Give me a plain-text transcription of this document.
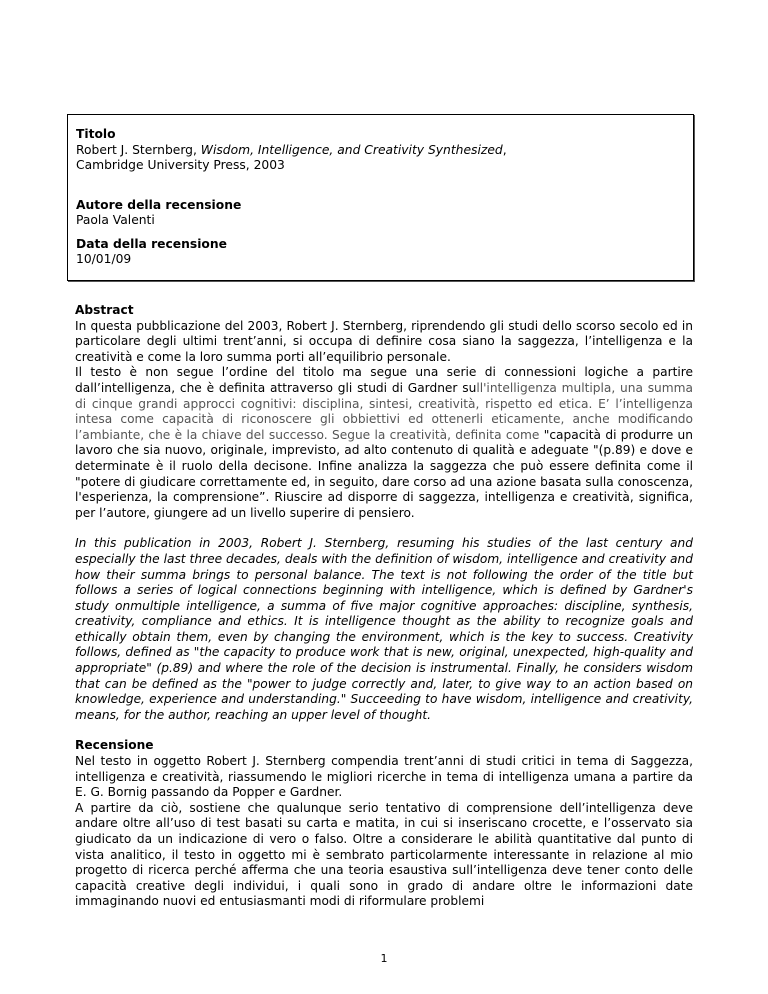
Titolo

Robert J. Sternberg, Wisdom, Intelligence, and Creativity Synthesized,
Cambridge University Press, 2003

Autore della recensione

Paola Valenti

Data della recensione

10/01/09

Abstract

In questa pubblicazione del 2003, Robert J. Sternberg, riprendendo gli studi dello scorso secolo ed in particolare degli ultimi trent’anni, si occupa di definire cosa siano la saggezza, l’intelligenza e la creatività e come la loro summa porti all’equilibrio personale.

Il testo è non segue l’ordine del titolo ma segue una serie di connessioni logiche a partire dall’intelligenza, che è definita attraverso gli studi di Gardner sull'intelligenza multipla, una summa di cinque grandi approcci cognitivi: disciplina, sintesi, creatività, rispetto ed etica. E’ l’intelligenza intesa come capacità di riconoscere gli obbiettivi ed ottenerli eticamente, anche modificando l’ambiante, che è la chiave del successo. Segue la creatività, definita come "capacità di produrre un lavoro che sia nuovo, originale, imprevisto, ad alto contenuto di qualità e adeguate "(p.89) e dove e determinate è il ruolo della decisone. Infine analizza la saggezza che può essere definita come il "potere di giudicare correttamente ed, in seguito, dare corso ad una azione basata sulla conoscenza, l'esperienza, la comprensione”. Riuscire ad disporre di saggezza, intelligenza e creatività, significa, per l’autore, giungere ad un livello superire di pensiero.

In this publication in 2003, Robert J. Sternberg, resuming his studies of the last century and especially the last three decades, deals with the definition of wisdom, intelligence and creativity and how their summa brings to personal balance. The text is not following the order of the title but follows a series of logical connections beginning with intelligence, which is defined by Gardner's study onmultiple intelligence, a summa of five major cognitive approaches: discipline, synthesis, creativity, compliance and ethics. It is intelligence thought as the ability to recognize goals and ethically obtain them, even by changing the environment, which is the key to success. Creativity follows, defined as "the capacity to produce work that is new, original, unexpected, high-quality and appropriate" (p.89) and where the role of the decision is instrumental. Finally, he considers wisdom that can be defined as the "power to judge correctly and, later, to give way to an action based on knowledge, experience and understanding." Succeeding to have wisdom, intelligence and creativity, means, for the author, reaching an upper level of thought.

Recensione

Nel testo in oggetto Robert J. Sternberg compendia trent’anni di studi critici in tema di Saggezza, intelligenza e creatività, riassumendo le migliori ricerche in tema di intelligenza umana a partire da E. G. Bornig passando da Popper e Gardner.

A partire da ciò, sostiene che qualunque serio tentativo di comprensione dell’intelligenza deve andare oltre all’uso di test basati su carta e matita, in cui si inseriscano crocette, e l’osservato sia giudicato da un indicazione di vero o falso. Oltre a considerare le abilità quantitative dal punto di vista analitico, il testo in oggetto mi è sembrato particolarmente interessante in relazione al mio progetto di ricerca perché afferma che una teoria esaustiva sull’intelligenza deve tener conto delle capacità creative degli individui, i quali sono in grado di andare oltre le informazioni date immaginando nuovi ed entusiasmanti modi di riformulare problemi

1
